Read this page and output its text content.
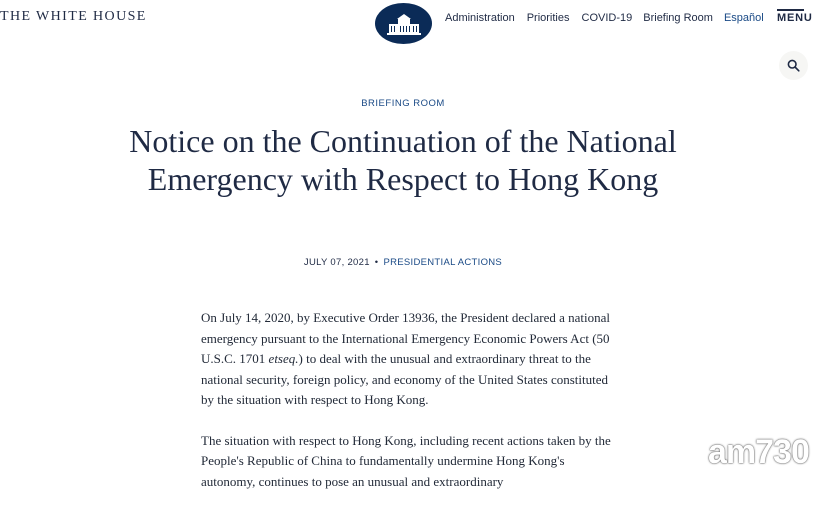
THE WHITE HOUSE	Administration Priorities COVID-19 Briefing Room Español MENU
BRIEFING ROOM
Notice on the Continuation of the National Emergency with Respect to Hong Kong
JULY 07, 2021 • PRESIDENTIAL ACTIONS

On July 14, 2020, by Executive Order 13936, the President declared a national emergency pursuant to the International Emergency Economic Powers Act (50 U.S.C. 1701 etseq.) to deal with the unusual and extraordinary threat to the national security, foreign policy, and economy of the United States constituted by the situation with respect to Hong Kong.

The situation with respect to Hong Kong, including recent actions taken by the People's Republic of China to fundamentally undermine Hong Kong's autonomy, continues to pose an unusual and extraordinary

am730
